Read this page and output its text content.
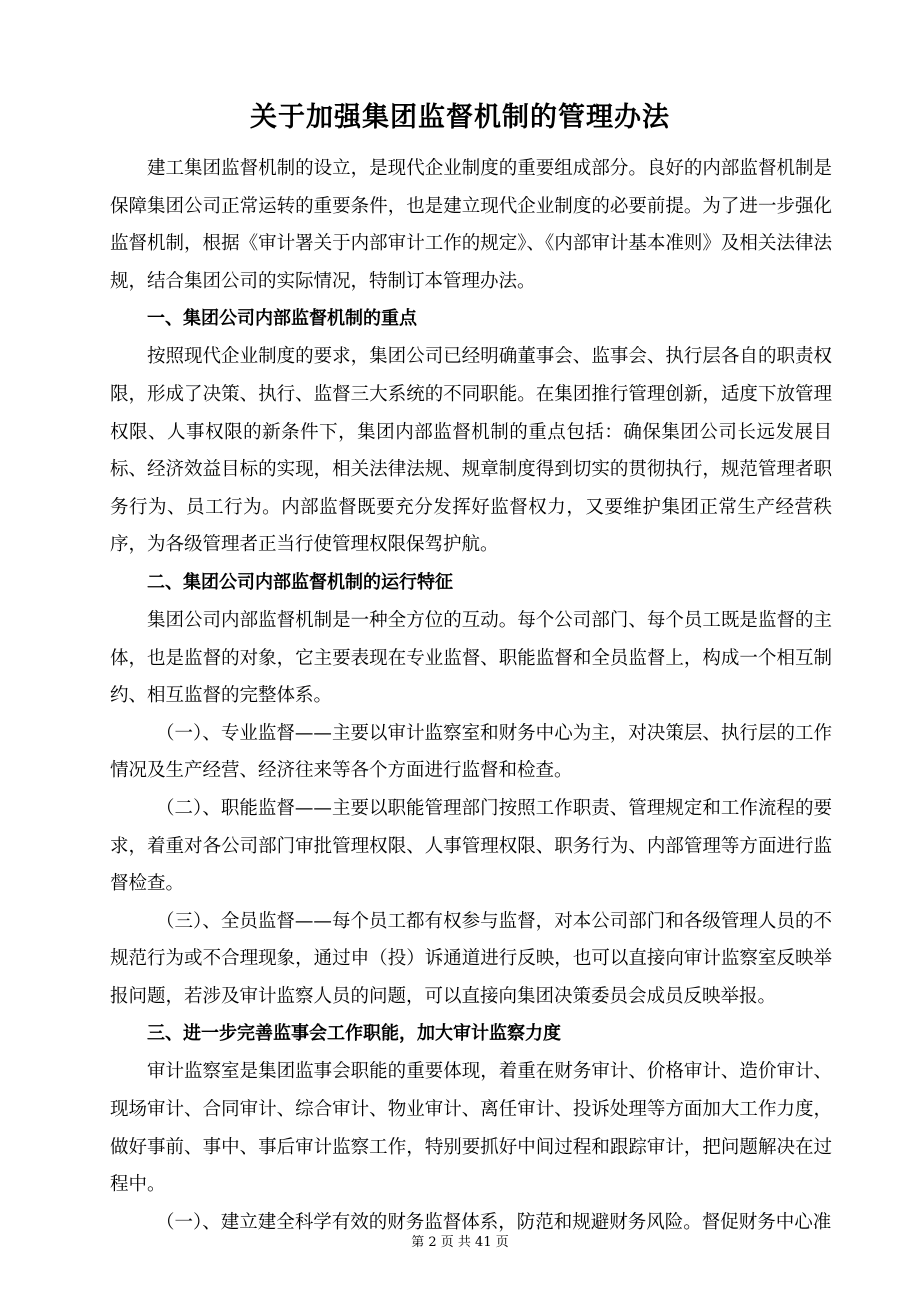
关于加强集团监督机制的管理办法

建工集团监督机制的设立，是现代企业制度的重要组成部分。良好的内部监督机制是保障集团公司正常运转的重要条件，也是建立现代企业制度的必要前提。为了进一步强化监督机制，根据《审计署关于内部审计工作的规定》、《内部审计基本准则》及相关法律法规，结合集团公司的实际情况，特制订本管理办法。

一、集团公司内部监督机制的重点

按照现代企业制度的要求，集团公司已经明确董事会、监事会、执行层各自的职责权限，形成了决策、执行、监督三大系统的不同职能。在集团推行管理创新，适度下放管理权限、人事权限的新条件下，集团内部监督机制的重点包括：确保集团公司长远发展目标、经济效益目标的实现，相关法律法规、规章制度得到切实的贯彻执行，规范管理者职务行为、员工行为。内部监督既要充分发挥好监督权力，又要维护集团正常生产经营秩序，为各级管理者正当行使管理权限保驾护航。

二、集团公司内部监督机制的运行特征

集团公司内部监督机制是一种全方位的互动。每个公司部门、每个员工既是监督的主体，也是监督的对象，它主要表现在专业监督、职能监督和全员监督上，构成一个相互制约、相互监督的完整体系。

（一）、专业监督——主要以审计监察室和财务中心为主，对决策层、执行层的工作情况及生产经营、经济往来等各个方面进行监督和检查。

（二）、职能监督——主要以职能管理部门按照工作职责、管理规定和工作流程的要求，着重对各公司部门审批管理权限、人事管理权限、职务行为、内部管理等方面进行监督检查。

（三）、全员监督——每个员工都有权参与监督，对本公司部门和各级管理人员的不规范行为或不合理现象，通过申（投）诉通道进行反映，也可以直接向审计监察室反映举报问题，若涉及审计监察人员的问题，可以直接向集团决策委员会成员反映举报。

三、进一步完善监事会工作职能，加大审计监察力度

审计监察室是集团监事会职能的重要体现，着重在财务审计、价格审计、造价审计、现场审计、合同审计、综合审计、物业审计、离任审计、投诉处理等方面加大工作力度，做好事前、事中、事后审计监察工作，特别要抓好中间过程和跟踪审计，把问题解决在过程中。

（一）、建立建全科学有效的财务监督体系，防范和规避财务风险。督促财务中心准

第 2 页 共 41 页
